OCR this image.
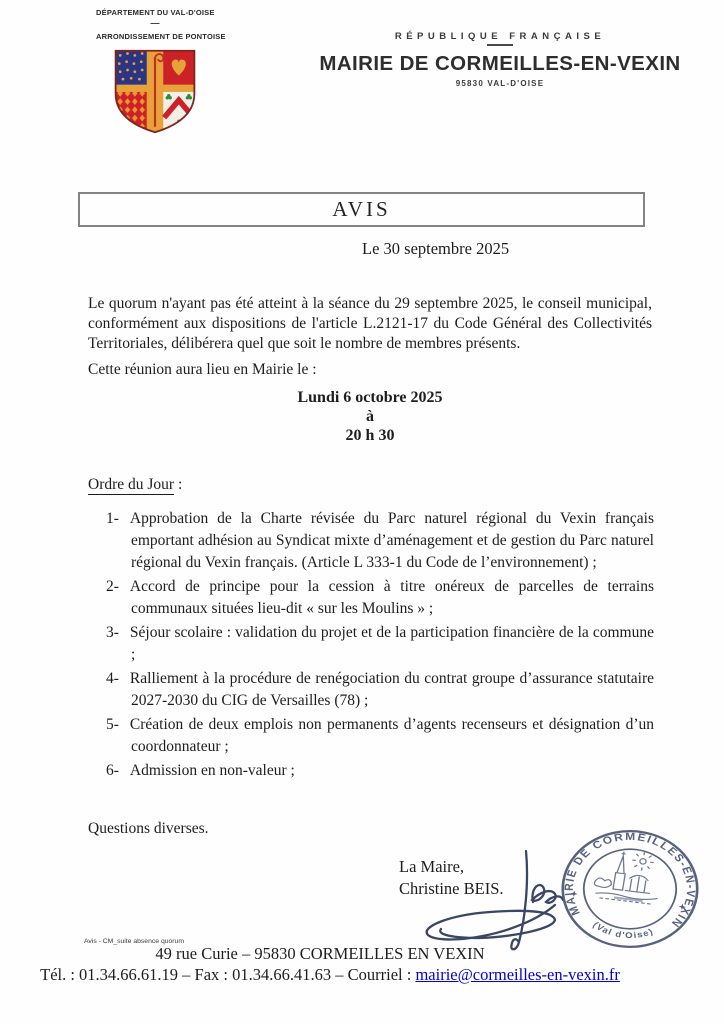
DÉPARTEMENT DU VAL-D'OISE
—
ARRONDISSEMENT DE PONTOISE	RÉPUBLIQUE FRANÇAISE
MAIRIE DE CORMEILLES-EN-VEXIN
95830 VAL-D'OISE
AVIS
Le 30 septembre 2025
Le quorum n'ayant pas été atteint à la séance du 29 septembre 2025, le conseil municipal, conformément aux dispositions de l'article L.2121-17 du Code Général des Collectivités Territoriales, délibérera quel que soit le nombre de membres présents.
Cette réunion aura lieu en Mairie le :
Lundi 6 octobre 2025
à
20 h 30
Ordre du Jour :
1- Approbation de la Charte révisée du Parc naturel régional du Vexin français emportant adhésion au Syndicat mixte d’aménagement et de gestion du Parc naturel régional du Vexin français. (Article L 333-1 du Code de l’environnement) ;
2- Accord de principe pour la cession à titre onéreux de parcelles de terrains communaux situées lieu-dit « sur les Moulins » ;
3- Séjour scolaire : validation du projet et de la participation financière de la commune ;
4- Ralliement à la procédure de renégociation du contrat groupe d’assurance statutaire 2027-2030 du CIG de Versailles (78) ;
5- Création de deux emplois non permanents d’agents recenseurs et désignation d’un coordonnateur ;
6- Admission en non-valeur ;
Questions diverses.
La Maire,
Christine BEIS.
MAIRIE DE CORMEILLES-EN-VEXIN
(Val d'Oise)
Avis - CM_suite absence quorum
49 rue Curie – 95830 CORMEILLES EN VEXIN
Tél. : 01.34.66.61.19 – Fax : 01.34.66.41.63 – Courriel : mairie@cormeilles-en-vexin.fr
